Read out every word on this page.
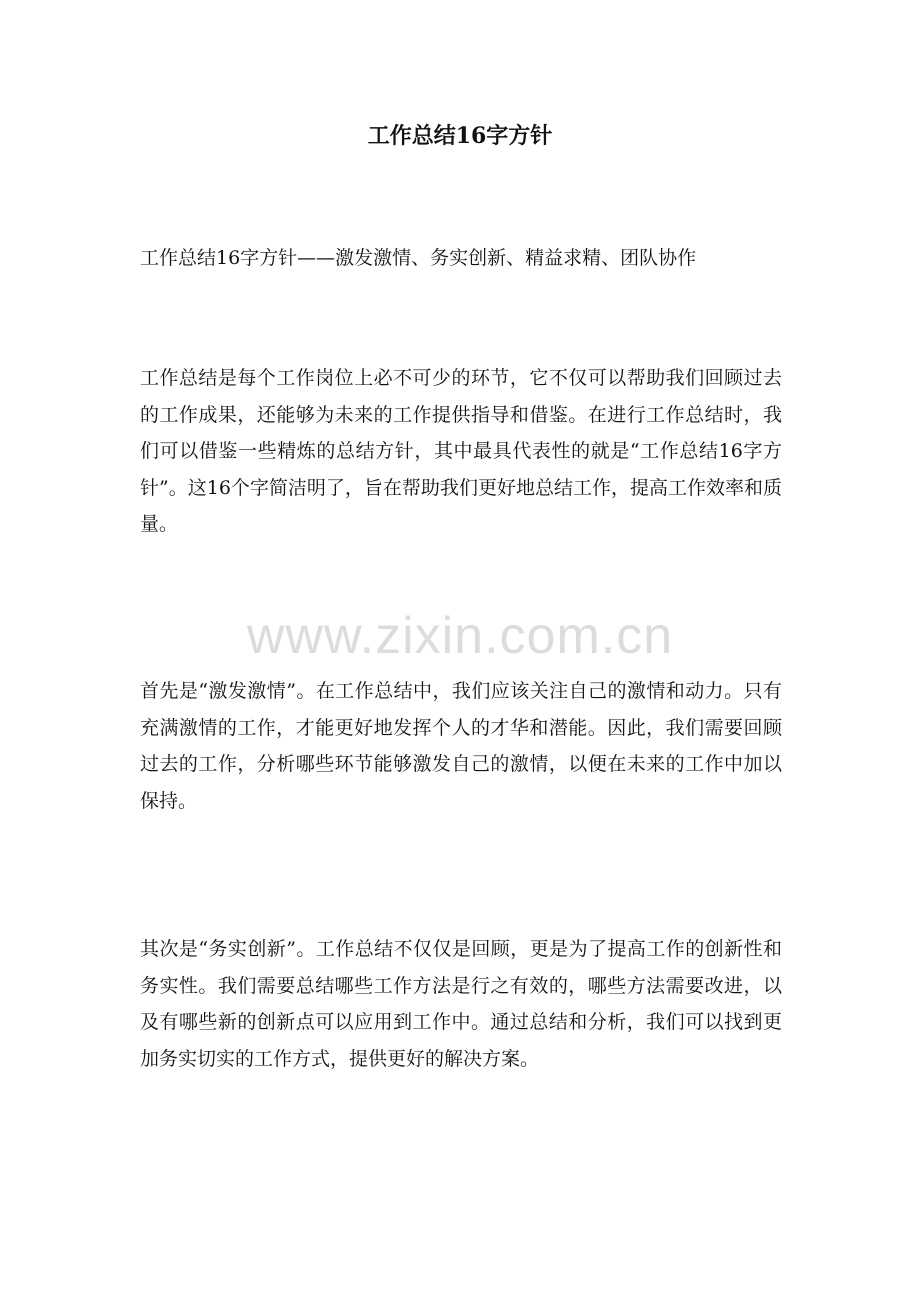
工作总结16字方针
工作总结16字方针——激发激情、务实创新、精益求精、团队协作
工作总结是每个工作岗位上必不可少的环节，它不仅可以帮助我们回顾过去的工作成果，还能够为未来的工作提供指导和借鉴。在进行工作总结时，我们可以借鉴一些精炼的总结方针，其中最具代表性的就是“工作总结16字方针”。这16个字简洁明了，旨在帮助我们更好地总结工作，提高工作效率和质量。
www.zixin.com.cn
首先是“激发激情”。在工作总结中，我们应该关注自己的激情和动力。只有充满激情的工作，才能更好地发挥个人的才华和潜能。因此，我们需要回顾过去的工作，分析哪些环节能够激发自己的激情，以便在未来的工作中加以保持。
其次是“务实创新”。工作总结不仅仅是回顾，更是为了提高工作的创新性和务实性。我们需要总结哪些工作方法是行之有效的，哪些方法需要改进，以及有哪些新的创新点可以应用到工作中。通过总结和分析，我们可以找到更加务实切实的工作方式，提供更好的解决方案。
